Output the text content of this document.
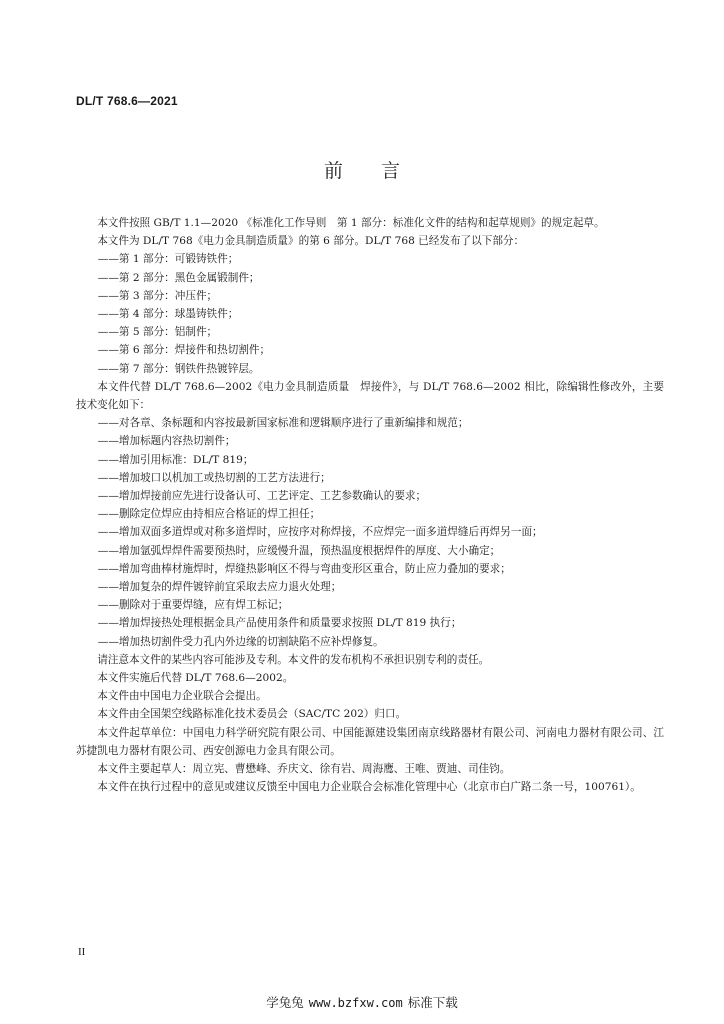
DL/T 768.6—2021
前言

本文件按照 GB/T 1.1—2020 《标准化工作导则　第 1 部分：标准化文件的结构和起草规则》的规定起草。

本文件为 DL/T 768《电力金具制造质量》的第 6 部分。DL/T 768 已经发布了以下部分：

——第 1 部分：可锻铸铁件；

——第 2 部分：黑色金属锻制件；

——第 3 部分：冲压件；

——第 4 部分：球墨铸铁件；

——第 5 部分：铝制件；

——第 6 部分：焊接件和热切割件；

——第 7 部分：钢铁件热镀锌层。

本文件代替 DL/T 768.6—2002《电力金具制造质量　焊接件》，与 DL/T 768.6—2002 相比，除编辑性修改外，主要技术变化如下：

——对各章、条标题和内容按最新国家标准和逻辑顺序进行了重新编排和规范；

——增加标题内容热切割件；

——增加引用标准：DL/T 819；

——增加坡口以机加工或热切割的工艺方法进行；

——增加焊接前应先进行设备认可、工艺评定、工艺参数确认的要求；

——删除定位焊应由持相应合格证的焊工担任；

——增加双面多道焊或对称多道焊时，应按序对称焊接，不应焊完一面多道焊缝后再焊另一面；

——增加氩弧焊焊件需要预热时，应缓慢升温，预热温度根据焊件的厚度、大小确定；

——增加弯曲棒材施焊时，焊缝热影响区不得与弯曲变形区重合，防止应力叠加的要求；

——增加复杂的焊件镀锌前宜采取去应力退火处理；

——删除对于重要焊缝，应有焊工标记；

——增加焊接热处理根据金具产品使用条件和质量要求按照 DL/T 819 执行；

——增加热切割件受力孔内外边缘的切割缺陷不应补焊修复。

请注意本文件的某些内容可能涉及专利。本文件的发布机构不承担识别专利的责任。

本文件实施后代替 DL/T 768.6—2002。

本文件由中国电力企业联合会提出。

本文件由全国架空线路标准化技术委员会（SAC/TC 202）归口。

本文件起草单位：中国电力科学研究院有限公司、中国能源建设集团南京线路器材有限公司、河南电力器材有限公司、江苏捷凯电力器材有限公司、西安创源电力金具有限公司。

本文件主要起草人：周立宪、曹懋峰、乔庆文、徐有岩、周海鹰、王唯、贾迪、司佳钧。

本文件在执行过程中的意见或建议反馈至中国电力企业联合会标准化管理中心（北京市白广路二条一号，100761）。

II
学兔兔 www.bzfxw.com 标准下载
